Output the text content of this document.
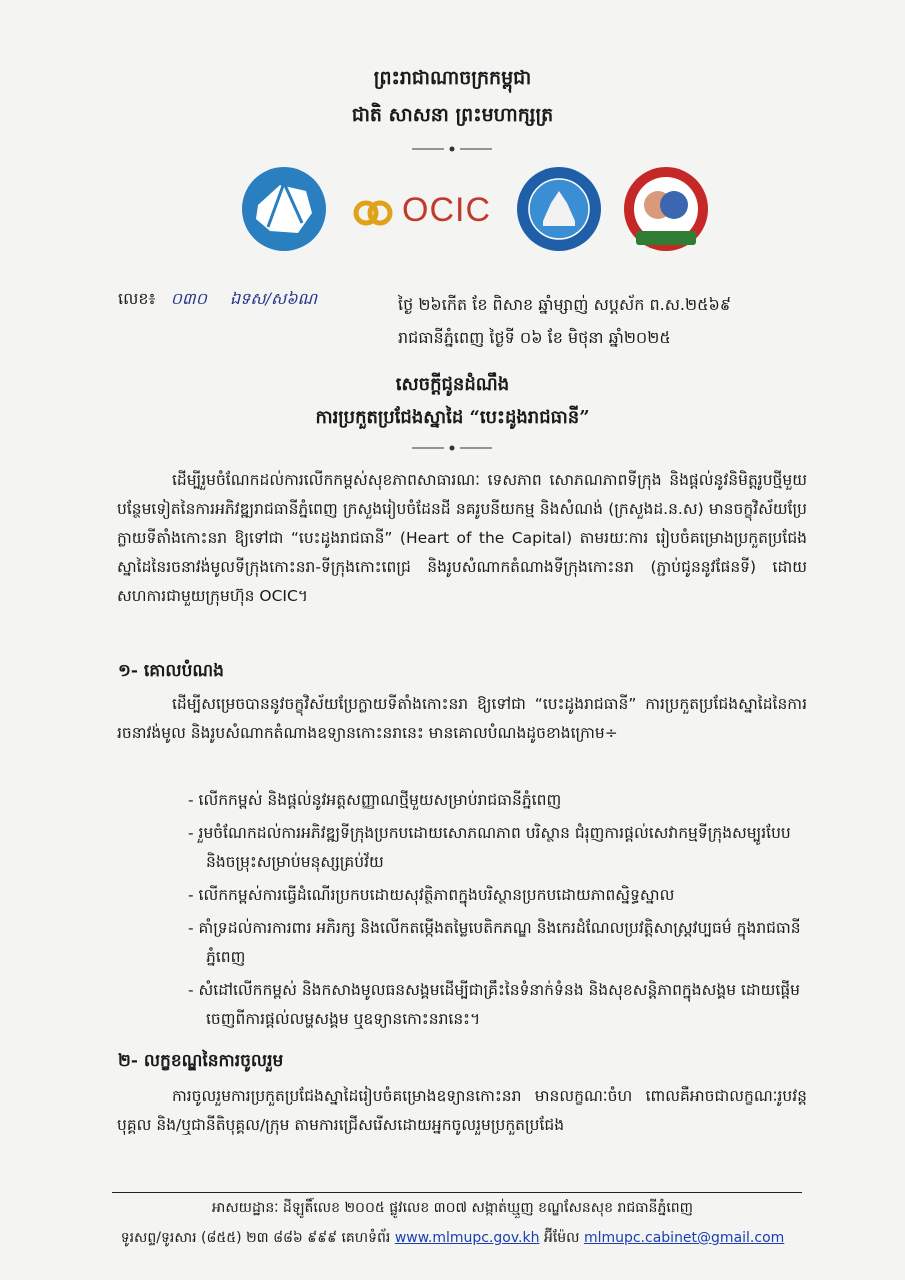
ព្រះរាជាណាចក្រកម្ពុជា
ជាតិ សាសនា ព្រះមហាក្សត្រ
OCIC
លេខ៖ ០៣០ ឯទស/ស៦ណ	ថ្ងៃ ២៦កើត ខែ ពិសាខ ឆ្នាំម្សាញ់ សប្តស័ក ព.ស.២៥៦៩
រាជធានីភ្នំពេញ ថ្ងៃទី ០៦ ខែ មិថុនា ឆ្នាំ២០២៥
សេចក្តីជូនដំណឹង
ការប្រកួតប្រជែងស្នាដៃ “បេះដូងរាជធានី”
ដើម្បីរួមចំណែកដល់ការលើកកម្ពស់សុខភាពសាធារណៈ ទេសភាព សោភណភាពទីក្រុង និងផ្តល់នូវនិមិត្តរូបថ្មីមួយបន្ថែមទៀតនៃការអភិវឌ្ឍរាជធានីភ្នំពេញ ក្រសួងរៀបចំដែនដី នគរូបនីយកម្ម និងសំណង់ (ក្រសួងដ.ន.ស) មានចក្ខុវិស័យប្រែក្លាយទីតាំងកោះនរា ឱ្យទៅជា “បេះដូងរាជធានី” (Heart of the Capital) តាមរយៈការ រៀបចំគម្រោងប្រកួតប្រជែងស្នាដៃនៃរចនាវង់មូលទីក្រុងកោះនរា-ទីក្រុងកោះពេជ្រ និងរូបសំណាកតំណាងទីក្រុងកោះនរា (ភ្ជាប់ជូននូវផែនទី) ដោយសហការជាមួយក្រុមហ៊ុន OCIC។
១- គោលបំណង
ដើម្បីសម្រេចបាននូវចក្ខុវិស័យប្រែក្លាយទីតាំងកោះនរា ឱ្យទៅជា “បេះដូងរាជធានី” ការប្រកួតប្រជែងស្នាដៃនៃការរចនាវង់មូល និងរូបសំណាកតំណាងឧទ្យានកោះនរានេះ មានគោលបំណងដូចខាងក្រោម÷
- លើកកម្ពស់ និងផ្តល់នូវអត្តសញ្ញាណថ្មីមួយសម្រាប់រាជធានីភ្នំពេញ
- រួមចំណែកដល់ការអភិវឌ្ឍទីក្រុងប្រកបដោយសោភណភាព បរិស្ថាន ជំរុញការផ្តល់សេវាកម្មទីក្រុងសម្បូរបែប និងចម្រុះសម្រាប់មនុស្សគ្រប់វ័យ
- លើកកម្ពស់ការធ្វើដំណើរប្រកបដោយសុវត្ថិភាពក្នុងបរិស្ថានប្រកបដោយភាពស្និទ្ធស្នាល
- គាំទ្រដល់ការការពារ អភិរក្ស និងលើកតម្កើងតម្លៃបេតិកភណ្ឌ និងកេរដំណែលប្រវត្តិសាស្ត្រវប្បធម៌ ក្នុងរាជធានីភ្នំពេញ
- សំដៅលើកកម្ពស់ និងកសាងមូលធនសង្គមដើម្បីជាគ្រឹះនៃទំនាក់ទំនង និងសុខសន្តិភាពក្នុងសង្គម ដោយផ្តើមចេញពីការផ្តល់លម្ហសង្គម ឬឧទ្យានកោះនរានេះ។
២- លក្ខខណ្ឌនៃការចូលរួម
ការចូលរួមការប្រកួតប្រជែងស្នាដៃរៀបចំគម្រោងឧទ្យានកោះនរា មានលក្ខណៈចំហ ពោលគឺអាចជាលក្ខណៈរូបវន្តបុគ្គល និង/ឬជានីតិបុគ្គល/ក្រុម តាមការជ្រើសរើសដោយអ្នកចូលរួមប្រកួតប្រជែង
អាសយដ្ឋានៈ ដីឡូតិ៍លេខ ២០០៥ ផ្លូវលេខ ៣០៧ សង្កាត់ឃ្មួញ ខណ្ឌសែនសុខ រាជធានីភ្នំពេញ
ទូរសព្ទ/ទូរសារ (៨៥៥) ២៣ ៨៨៦ ៩៩៩ គេហទំព័រ www.mlmupc.gov.kh អ៊ីម៉ែល mlmupc.cabinet@gmail.com
